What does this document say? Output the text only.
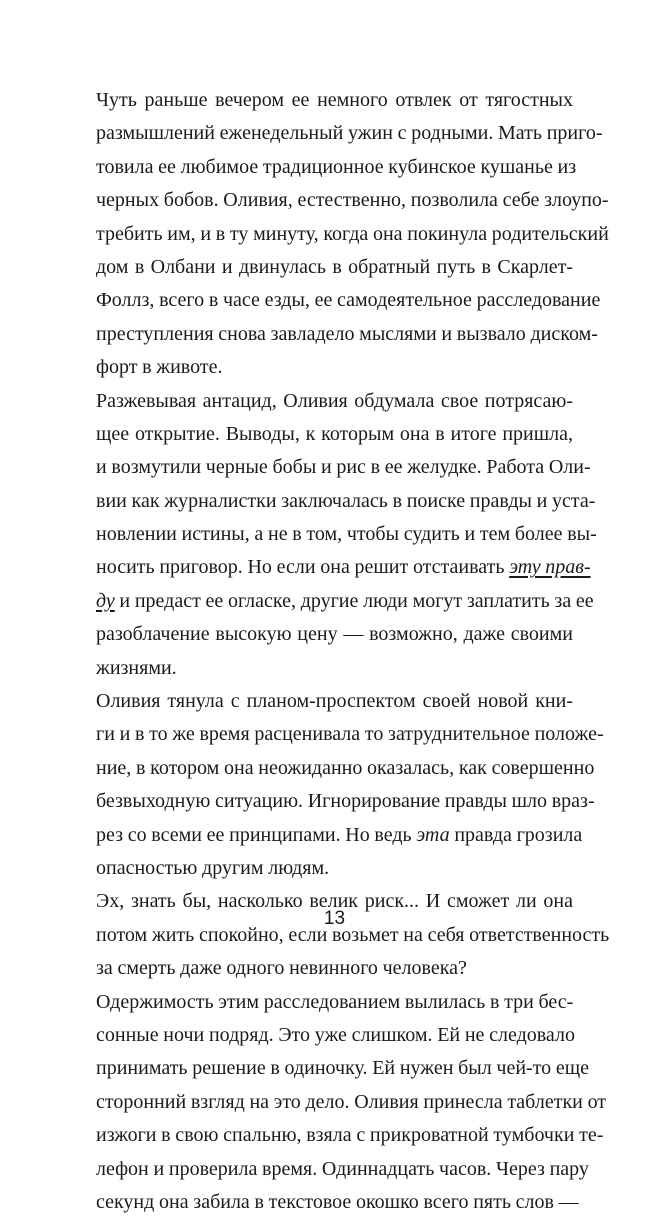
Чуть раньше вечером ее немного отвлек от тягостных
размышлений еженедельный ужин с родными. Мать приго-
товила ее любимое традиционное кубинское кушанье из
черных бобов. Оливия, естественно, позволила себе злоупо-
требить им, и в ту минуту, когда она покинула родительский
дом в Олбани и двинулась в обратный путь в Скарлет-
Фоллз, всего в часе езды, ее самодеятельное расследование
преступления снова завладело мыслями и вызвало диском-
форт в животе.
Разжевывая антацид, Оливия обдумала свое потрясаю-
щее открытие. Выводы, к которым она в итоге пришла,
и возмутили черные бобы и рис в ее желудке. Работа Оли-
вии как журналистки заключалась в поиске правды и уста-
новлении истины, а не в том, чтобы судить и тем более вы-
носить приговор. Но если она решит отстаивать эту прав-
ду и предаст ее огласке, другие люди могут заплатить за ее
разоблачение высокую цену — возможно, даже своими
жизнями.
Оливия тянула с планом-проспектом своей новой кни-
ги и в то же время расценивала то затруднительное положе-
ние, в котором она неожиданно оказалась, как совершенно
безвыходную ситуацию. Игнорирование правды шло враз-
рез со всеми ее принципами. Но ведь эта правда грозила
опасностью другим людям.
Эх, знать бы, насколько велик риск... И сможет ли она
потом жить спокойно, если возьмет на себя ответственность
за смерть даже одного невинного человека?
Одержимость этим расследованием вылилась в три бес-
сонные ночи подряд. Это уже слишком. Ей не следовало
принимать решение в одиночку. Ей нужен был чей-то еще
сторонний взгляд на это дело. Оливия принесла таблетки от
изжоги в свою спальню, взяла с прикроватной тумбочки те-
лефон и проверила время. Одиннадцать часов. Через пару
секунд она забила в текстовое окошко всего пять слов —
13
